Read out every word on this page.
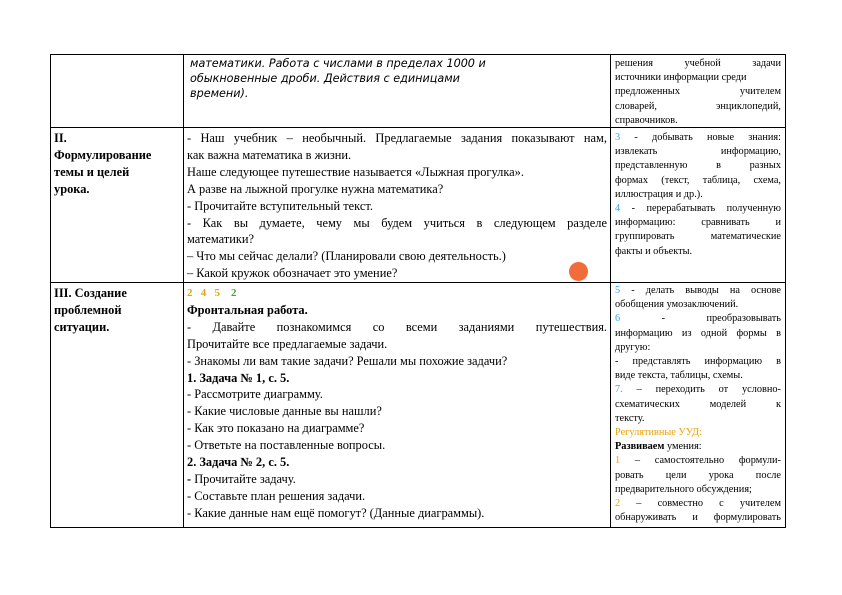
математики. Работа с числами в пределах 1000 и обыкновенные дроби. Действия с единицами времени).

решения учебной задачи

источники информации среди

предложенных учителем

словарей, энциклопедий,

справочников.

II.

Формулирование

темы и целей

урока.

- Наш учебник – необычный. Предлагаемые задания показывают нам,

как важна математика в жизни.

Наше следующее путешествие называется «Лыжная прогулка».

А разве на лыжной прогулке нужна математика?

- Прочитайте вступительный текст.

- Как вы думаете, чему мы будем учиться в следующем разделе

математики?

– Что мы сейчас делали? (Планировали свою деятельность.)

– Какой кружок обозначает это умение?

3 - добывать новые знания:

извлекать информацию,

представленную в разных

формах (текст, таблица, схема,

иллюстрация и др.).

4 - перерабатывать полученную

информацию: сравнивать и

группировать математические

факты и объекты.

III. Создание

проблемной

ситуации.

2 4 5 2

Фронтальная работа.

- Давайте познакомимся со всеми заданиями путешествия.

Прочитайте все предлагаемые задачи.

- Знакомы ли вам такие задачи? Решали мы похожие задачи?

1. Задача № 1, с. 5.

- Рассмотрите диаграмму.

- Какие числовые данные вы нашли?

- Как это показано на диаграмме?

- Ответьте на поставленные вопросы.

2. Задача № 2, с. 5.

- Прочитайте задачу.

- Составьте план решения задачи.

- Какие данные нам ещё помогут? (Данные диаграммы).

5 - делать выводы на основе

обобщения умозаключений.

6 - преобразовывать

информацию из одной формы в

другую:

- представлять информацию в

виде текста, таблицы, схемы.

7. – переходить от условно-

схематических моделей к

тексту.

Регулятивные УУД:

Развиваем умения:

1 – самостоятельно формули-

ровать цели урока после

предварительного обсуждения;

2 – совместно с учителем

обнаруживать и формулировать
